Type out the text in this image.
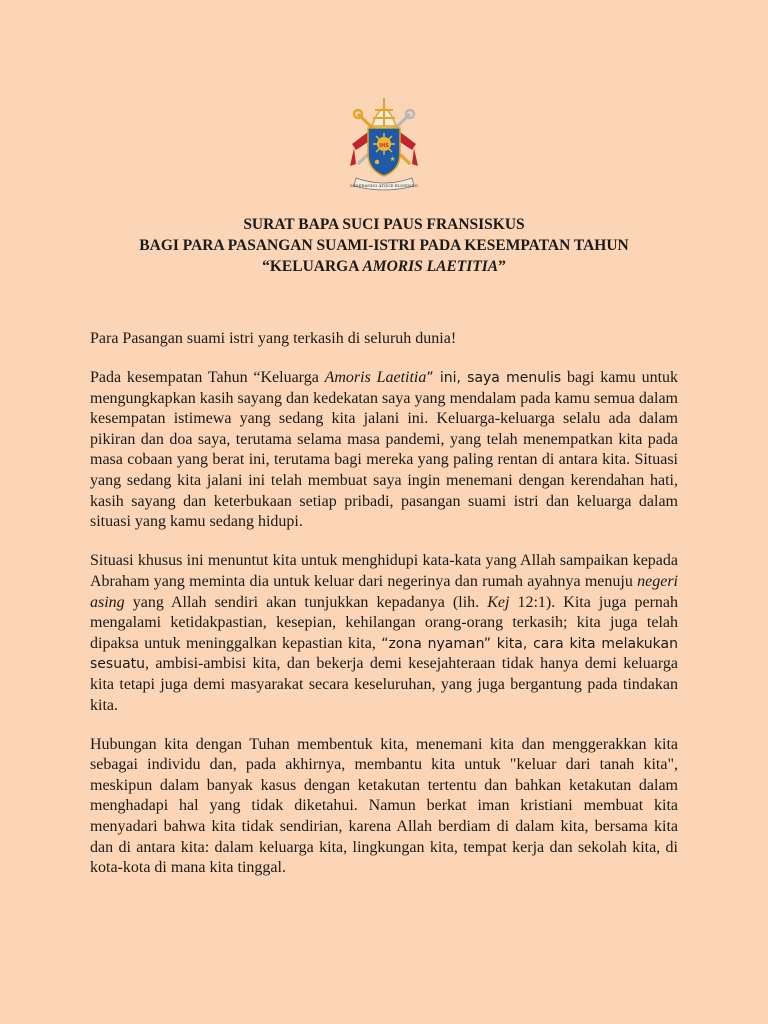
IHS
MISERANDO ATQUE ELIGENDO
SURAT BAPA SUCI PAUS FRANSISKUS
BAGI PARA PASANGAN SUAMI-ISTRI PADA KESEMPATAN TAHUN
“KELUARGA AMORIS LAETITIA”

Para Pasangan suami istri yang terkasih di seluruh dunia!

Pada kesempatan Tahun “Keluarga Amoris Laetitia” ini, saya menulis bagi kamu untuk mengungkapkan kasih sayang dan kedekatan saya yang mendalam pada kamu semua dalam kesempatan istimewa yang sedang kita jalani ini. Keluarga-keluarga selalu ada dalam pikiran dan doa saya, terutama selama masa pandemi, yang telah menempatkan kita pada masa cobaan yang berat ini, terutama bagi mereka yang paling rentan di antara kita. Situasi yang sedang kita jalani ini telah membuat saya ingin menemani dengan kerendahan hati, kasih sayang dan keterbukaan setiap pribadi, pasangan suami istri dan keluarga dalam situasi yang kamu sedang hidupi.

Situasi khusus ini menuntut kita untuk menghidupi kata-kata yang Allah sampaikan kepada Abraham yang meminta dia untuk keluar dari negerinya dan rumah ayahnya menuju negeri asing yang Allah sendiri akan tunjukkan kepadanya (lih. Kej 12:1). Kita juga pernah mengalami ketidakpastian, kesepian, kehilangan orang-orang terkasih; kita juga telah dipaksa untuk meninggalkan kepastian kita, “zona nyaman” kita, cara kita melakukan sesuatu, ambisi-ambisi kita, dan bekerja demi kesejahteraan tidak hanya demi keluarga kita tetapi juga demi masyarakat secara keseluruhan, yang juga bergantung pada tindakan kita.

Hubungan kita dengan Tuhan membentuk kita, menemani kita dan menggerakkan kita sebagai individu dan, pada akhirnya, membantu kita untuk "keluar dari tanah kita", meskipun dalam banyak kasus dengan ketakutan tertentu dan bahkan ketakutan dalam menghadapi hal yang tidak diketahui. Namun berkat iman kristiani membuat kita menyadari bahwa kita tidak sendirian, karena Allah berdiam di dalam kita, bersama kita dan di antara kita: dalam keluarga kita, lingkungan kita, tempat kerja dan sekolah kita, di kota-kota di mana kita tinggal.
